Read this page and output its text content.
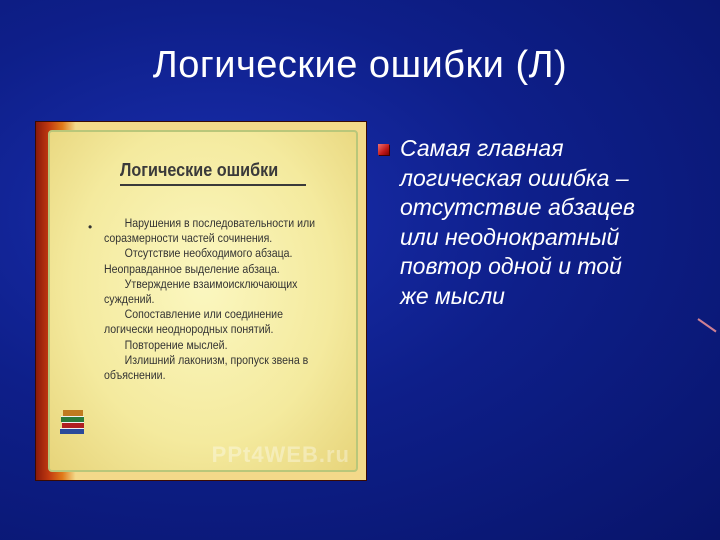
Логические ошибки (Л)
Логические ошибки
•	Нарушения в последовательности или
соразмерности частей сочинения.
Отсутствие необходимого абзаца.
Неоправданное выделение абзаца.
Утверждение взаимоисключающих
суждений.
Сопоставление или соединение
логически неоднородных понятий.
Повторение мыслей.
Излишний лаконизм, пропуск звена в
объяснении.
PPt4WEB.ru
Самая главная
логическая ошибка –
отсутствие абзацев
или неоднократный
повтор одной и той
же мысли
